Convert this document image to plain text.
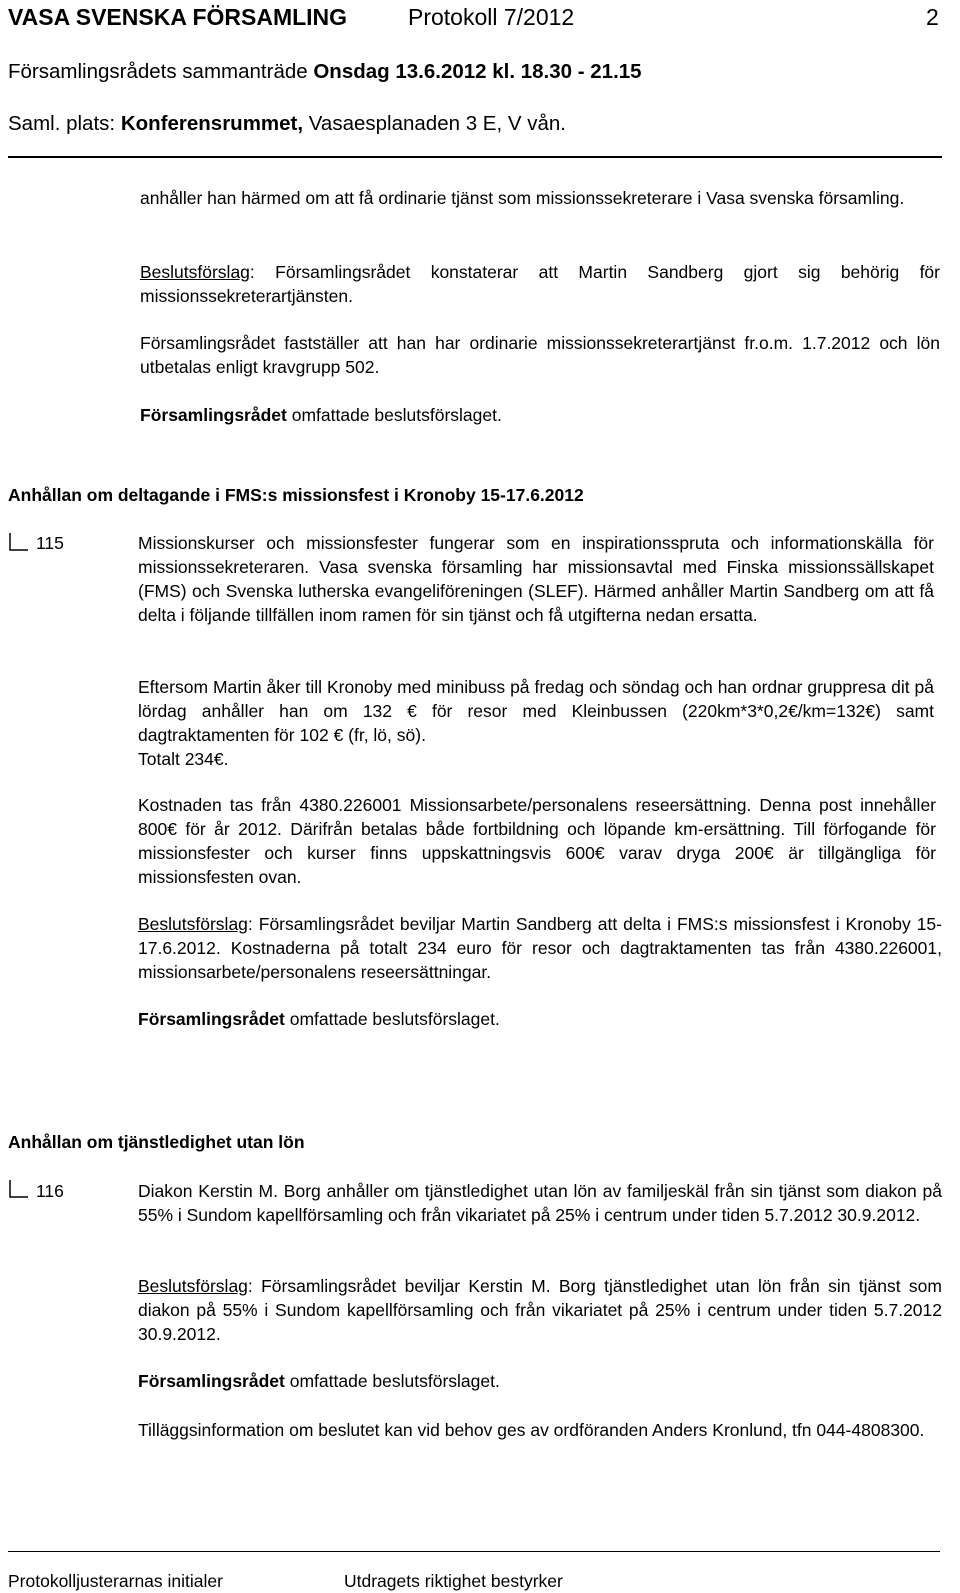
VASA SVENSKA FÖRSAMLING	Protokoll 7/2012	2
Församlingsrådets sammanträde Onsdag 13.6.2012 kl. 18.30 - 21.15
Saml. plats: Konferensrummet, Vasaesplanaden 3 E, V vån.
anhåller han härmed om att få ordinarie tjänst som missionssekreterare i Vasa svenska församling.
Beslutsförslag: Församlingsrådet konstaterar att Martin Sandberg gjort sig behörig för missionssekreterartjänsten.
Församlingsrådet fastställer att han har ordinarie missionssekreterartjänst fr.o.m. 1.7.2012 och lön utbetalas enligt kravgrupp 502.
Församlingsrådet omfattade beslutsförslaget.
Anhållan om deltagande i FMS:s missionsfest i Kronoby 15-17.6.2012
115	Missionskurser och missionsfester fungerar som en inspirationsspruta och informationskälla för missionssekreteraren. Vasa svenska församling har missionsavtal med Finska missionssällskapet (FMS) och Svenska lutherska evangeliföreningen (SLEF). Härmed anhåller Martin Sandberg om att få delta i följande tillfällen inom ramen för sin tjänst och få utgifterna nedan ersatta.
Eftersom Martin åker till Kronoby med minibuss på fredag och söndag och han ordnar gruppresa dit på lördag anhåller han om 132 € för resor med Kleinbussen (220km*3*0,2€/km=132€) samt dagtraktamenten för 102 € (fr, lö, sö).
Totalt 234€.
Kostnaden tas från 4380.226001 Missionsarbete/personalens reseersättning. Denna post innehåller 800€ för år 2012. Därifrån betalas både fortbildning och löpande km-ersättning. Till förfogande för missionsfester och kurser finns uppskattningsvis 600€ varav dryga 200€ är tillgängliga för missionsfesten ovan.
Beslutsförslag: Församlingsrådet beviljar Martin Sandberg att delta i FMS:s missionsfest i Kronoby 15-17.6.2012. Kostnaderna på totalt 234 euro för resor och dagtraktamenten tas från 4380.226001, missionsarbete/personalens reseersättningar.
Församlingsrådet omfattade beslutsförslaget.
Anhållan om tjänstledighet utan lön
116	Diakon Kerstin M. Borg anhåller om tjänstledighet utan lön av familjeskäl från sin tjänst som diakon på 55% i Sundom kapellförsamling och från vikariatet på 25% i centrum under tiden 5.7.2012 30.9.2012.
Beslutsförslag: Församlingsrådet beviljar Kerstin M. Borg tjänstledighet utan lön från sin tjänst som diakon på 55% i Sundom kapellförsamling och från vikariatet på 25% i centrum under tiden 5.7.2012 30.9.2012.
Församlingsrådet omfattade beslutsförslaget.
Tilläggsinformation om beslutet kan vid behov ges av ordföranden Anders Kronlund, tfn 044-4808300.
Protokolljusterarnas initialer	Utdragets riktighet bestyrker
